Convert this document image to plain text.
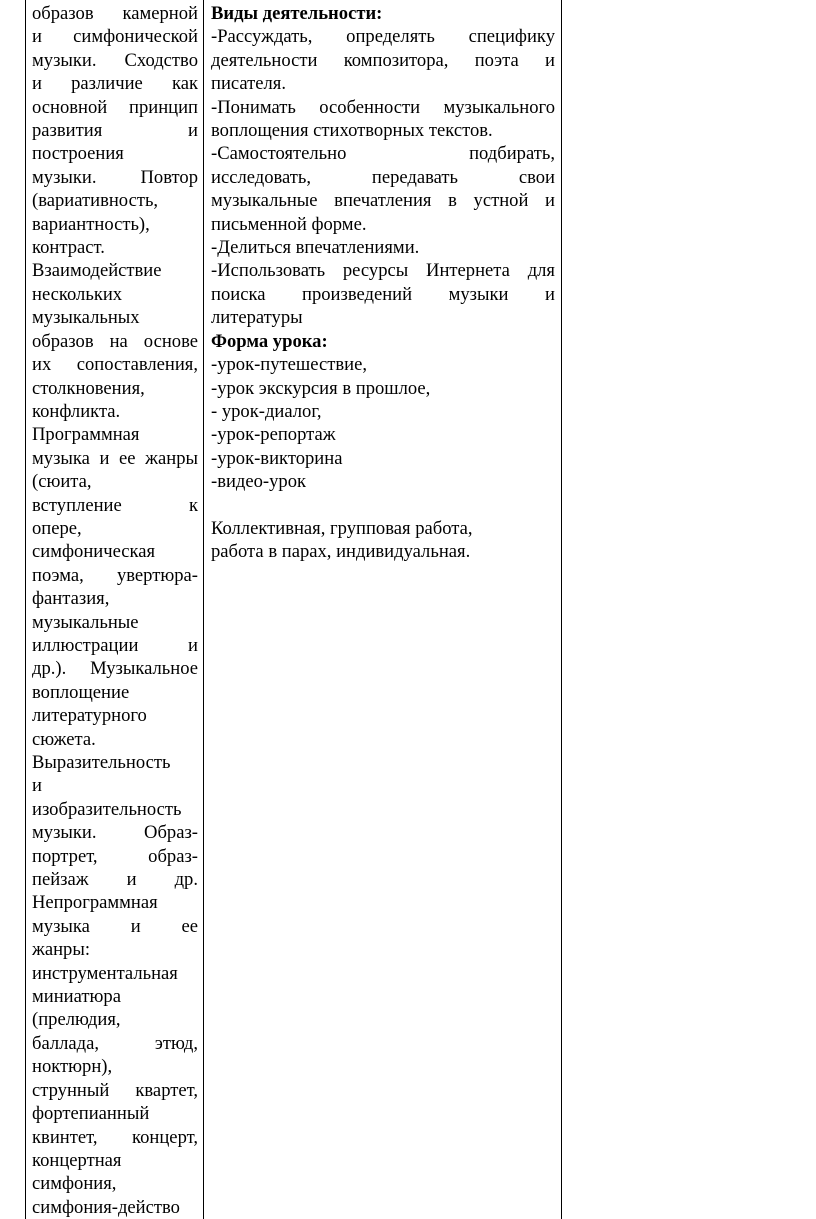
образов камерной
и симфонической
музыки. Сходство
и различие как
основной принцип
развития и
построения
музыки. Повтор
(вариативность,
вариантность),
контраст.
Взаимодействие
нескольких
музыкальных
образов на основе
их сопоставления,
столкновения,
конфликта.
Программная
музыка и ее жанры
(сюита,
вступление к
опере,
симфоническая
поэма, увертюра-
фантазия,
музыкальные
иллюстрации и
др.). Музыкальное
воплощение
литературного
сюжета.
Выразительность
и
изобразительность
музыки. Образ-
портрет, образ-
пейзаж и др.
Непрограммная
музыка и ее
жанры:
инструментальная
миниатюра
(прелюдия,
баллада, этюд,
ноктюрн),
струнный квартет,
фортепианный
квинтет, концерт,
концертная
симфония,
симфония-действо
Виды деятельности:
-Рассуждать, определять специфику
деятельности композитора, поэта и
писателя.
-Понимать особенности музыкального
воплощения стихотворных текстов.
-Самостоятельно подбирать,
исследовать, передавать свои
музыкальные впечатления в устной и
письменной форме.
-Делиться впечатлениями.
-Использовать ресурсы Интернета для
поиска произведений музыки и
литературы
Форма урока:
-урок-путешествие,
-урок экскурсия в прошлое,
- урок-диалог,
-урок-репортаж
-урок-викторина
-видео-урок
Коллективная, групповая работа,
работа в парах, индивидуальная.
